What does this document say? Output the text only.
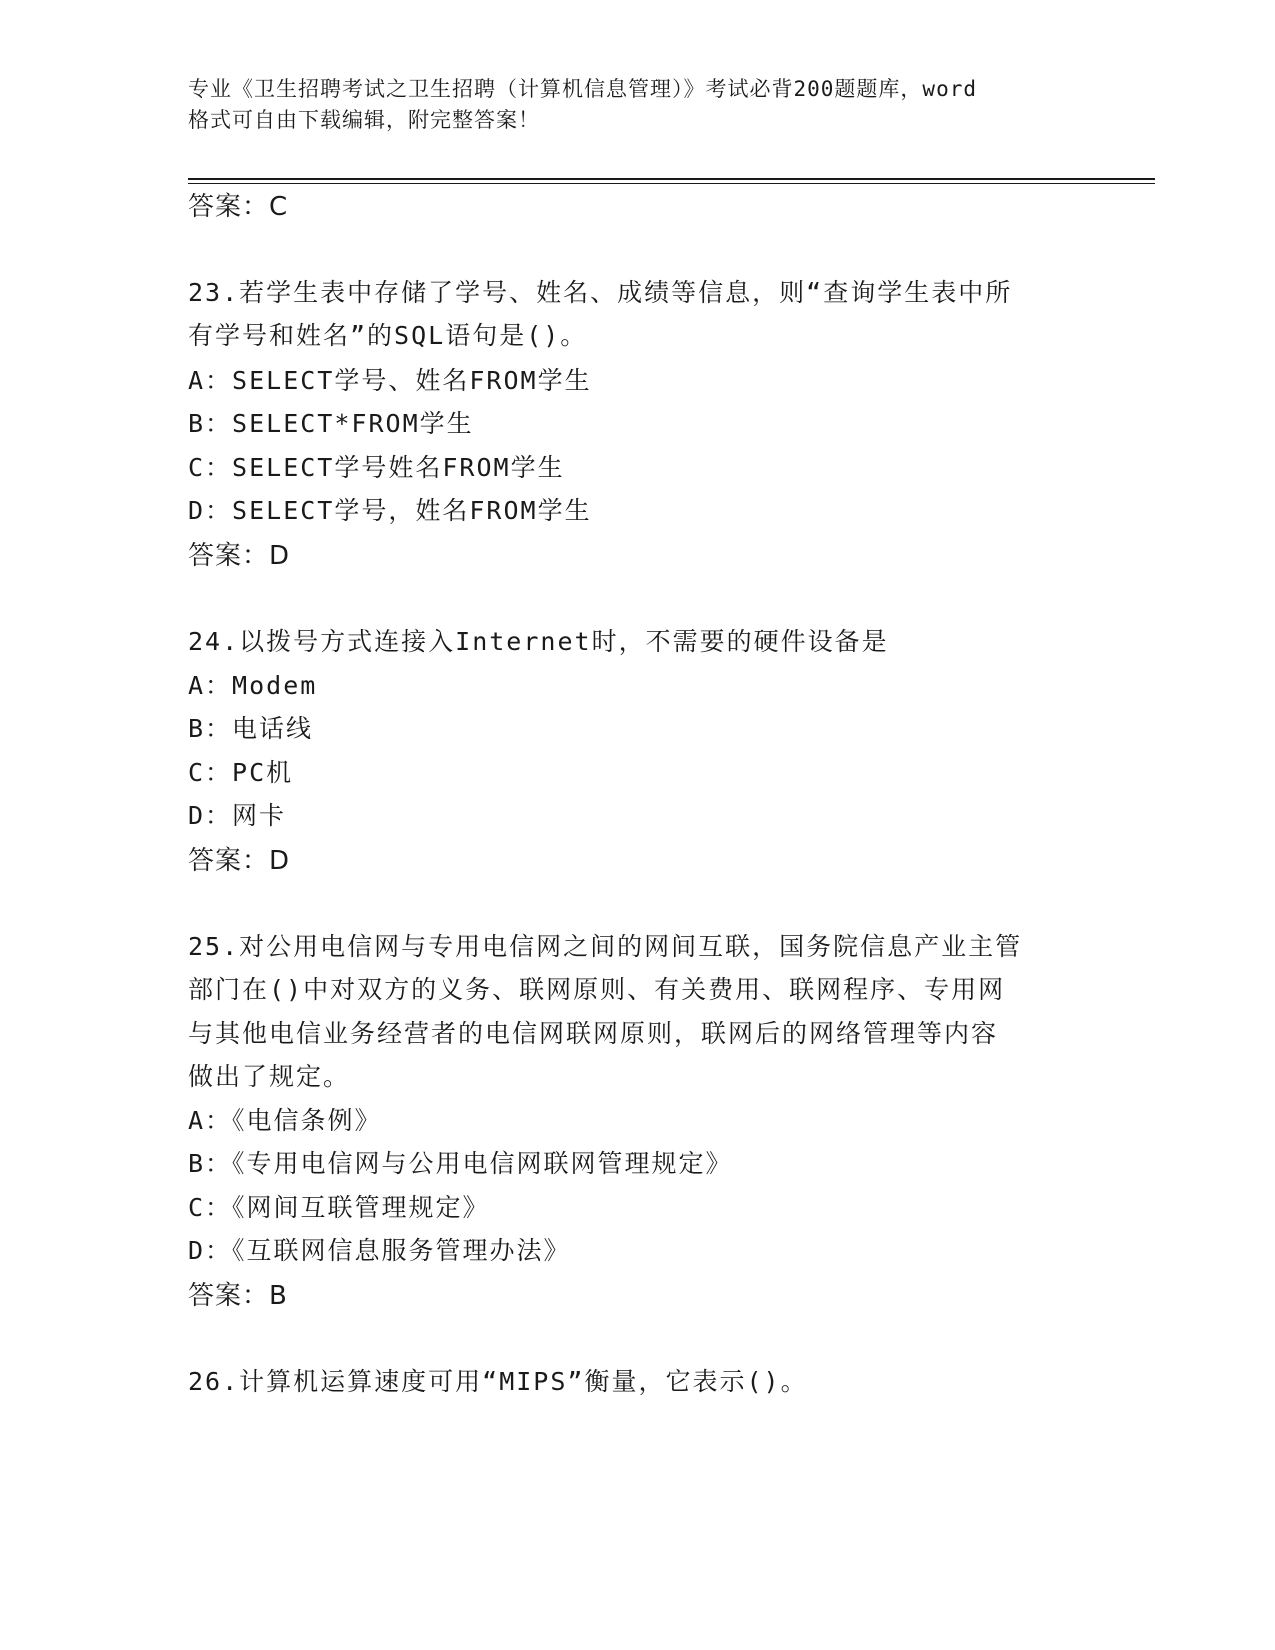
专业《卫生招聘考试之卫生招聘（计算机信息管理）》考试必背200题题库，word
格式可自由下载编辑，附完整答案！
答案：C
23.若学生表中存储了学号、姓名、成绩等信息，则“查询学生表中所
有学号和姓名”的SQL语句是()。
A：SELECT学号、姓名FROM学生
B：SELECT*FROM学生
C：SELECT学号姓名FROM学生
D：SELECT学号，姓名FROM学生
答案：D
24.以拨号方式连接入Internet时，不需要的硬件设备是
A：Modem
B：电话线
C：PC机
D：网卡
答案：D
25.对公用电信网与专用电信网之间的网间互联，国务院信息产业主管
部门在()中对双方的义务、联网原则、有关费用、联网程序、专用网
与其他电信业务经营者的电信网联网原则，联网后的网络管理等内容
做出了规定。
A：《电信条例》
B：《专用电信网与公用电信网联网管理规定》
C：《网间互联管理规定》
D：《互联网信息服务管理办法》
答案：B
26.计算机运算速度可用“MIPS”衡量，它表示()。
